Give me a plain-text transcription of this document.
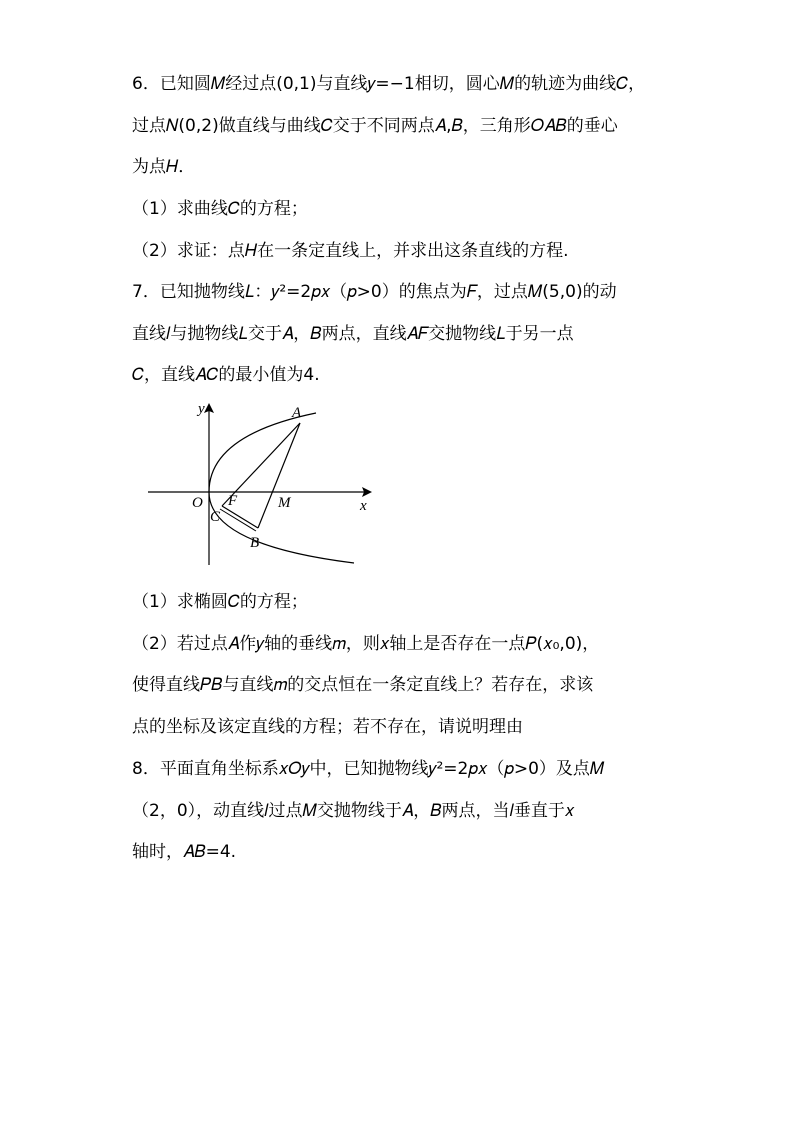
6．已知圆𝑀经过点(0,1)与直线𝑦=−1相切，圆心𝑀的轨迹为曲线𝐶，
过点𝑁(0,2)做直线与曲线𝐶交于不同两点𝐴,𝐵，三角形𝑂𝐴𝐵的垂心
为点𝐻．
（1）求曲线𝐶的方程；
（2）求证：点𝐻在一条定直线上，并求出这条直线的方程.
7．已知抛物线𝐿：𝑦²=2𝑝𝑥（𝑝>0）的焦点为𝐹，过点𝑀(5,0)的动
直线𝑙与抛物线𝐿交于𝐴，𝐵两点，直线𝐴𝐹交抛物线𝐿于另一点
𝐶，直线𝐴𝐶的最小值为4.
y
x
O
A
B
C
F	M
（1）求椭圆𝐶的方程；
（2）若过点𝐴作𝑦轴的垂线𝑚，则𝑥轴上是否存在一点𝑃(𝑥₀,0)，
使得直线𝑃𝐵与直线𝑚的交点恒在一条定直线上？若存在，求该
点的坐标及该定直线的方程；若不存在，请说明理由
8．平面直角坐标系𝑥𝑂𝑦中，已知抛物线𝑦²=2𝑝𝑥（𝑝>0）及点𝑀
（2，0），动直线𝑙过点𝑀交抛物线于𝐴，𝐵两点，当𝑙垂直于𝑥
轴时，𝐴𝐵=4.
